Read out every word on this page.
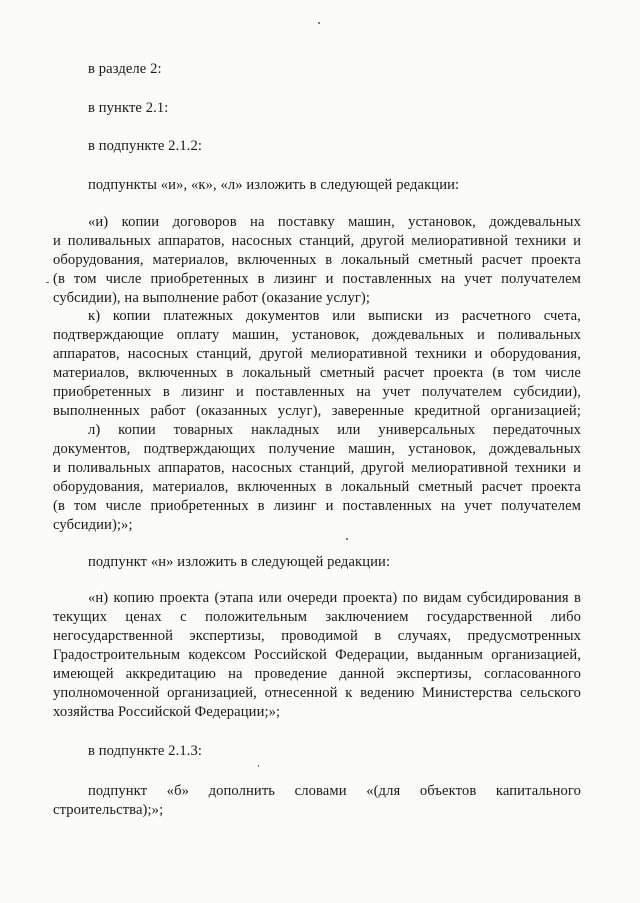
в разделе 2:
в пункте 2.1:
в подпункте 2.1.2:
подпункты «и», «к», «л» изложить в следующей редакции:
«и) копии договоров на поставку машин, установок, дождевальных
и поливальных аппаратов, насосных станций, другой мелиоративной техники и
оборудования, материалов, включенных в локальный сметный расчет проекта
(в том числе приобретенных в лизинг и поставленных на учет получателем
субсидии), на выполнение работ (оказание услуг);
к) копии платежных документов или выписки из расчетного счета,
подтверждающие оплату машин, установок, дождевальных и поливальных
аппаратов, насосных станций, другой мелиоративной техники и оборудования,
материалов, включенных в локальный сметный расчет проекта (в том числе
приобретенных в лизинг и поставленных на учет получателем субсидии),
выполненных работ (оказанных услуг), заверенные кредитной организацией;
л) копии товарных накладных или универсальных передаточных
документов, подтверждающих получение машин, установок, дождевальных
и поливальных аппаратов, насосных станций, другой мелиоративной техники и
оборудования, материалов, включенных в локальный сметный расчет проекта
(в том числе приобретенных в лизинг и поставленных на учет получателем
субсидии);»;
подпункт «н» изложить в следующей редакции:
«н) копию проекта (этапа или очереди проекта) по видам субсидирования в
текущих ценах с положительным заключением государственной либо
негосударственной экспертизы, проводимой в случаях, предусмотренных
Градостроительным кодексом Российской Федерации, выданным организацией,
имеющей аккредитацию на проведение данной экспертизы, согласованного
уполномоченной организацией, отнесенной к ведению Министерства сельского
хозяйства Российской Федерации;»;
в подпункте 2.1.3:
подпункт «б» дополнить словами «(для объектов капитального
строительства);»;
